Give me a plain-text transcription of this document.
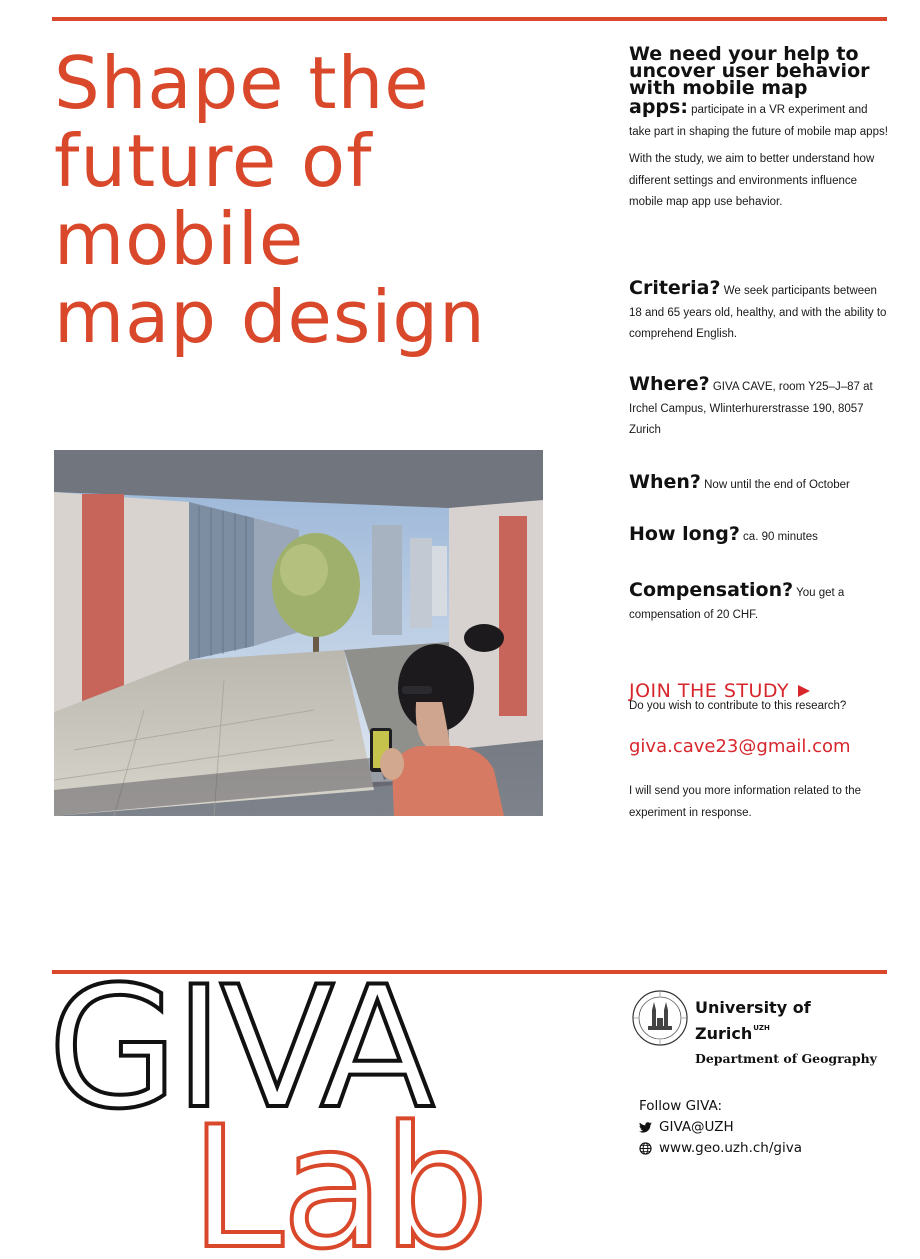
Shape the
future of
mobile
map design
We need your help to
uncover user behavior
with mobile map
apps: participate in a VR experiment and take part in shaping the future of mobile map apps!
With the study, we aim to better understand how different settings and environments influence mobile map app use behavior.
Criteria? We seek participants between 18 and 65 years old, healthy, and with the ability to comprehend English.
Where? GIVA CAVE, room Y25–J–87 at Irchel Campus, Wlinterhurerstrasse 190, 8057 Zurich
When? Now until the end of October
How long? ca. 90 minutes
Compensation? You get a compensation of 20 CHF.
JOIN THE STUDY
Do you wish to contribute to this research?
giva.cave23@gmail.com
I will send you more information related to the experiment in response.
GIVA
Lab
University of
Zurich$^{UZH}$
Department of Geography
Follow GIVA:
GIVA@UZH
www.geo.uzh.ch/giva
